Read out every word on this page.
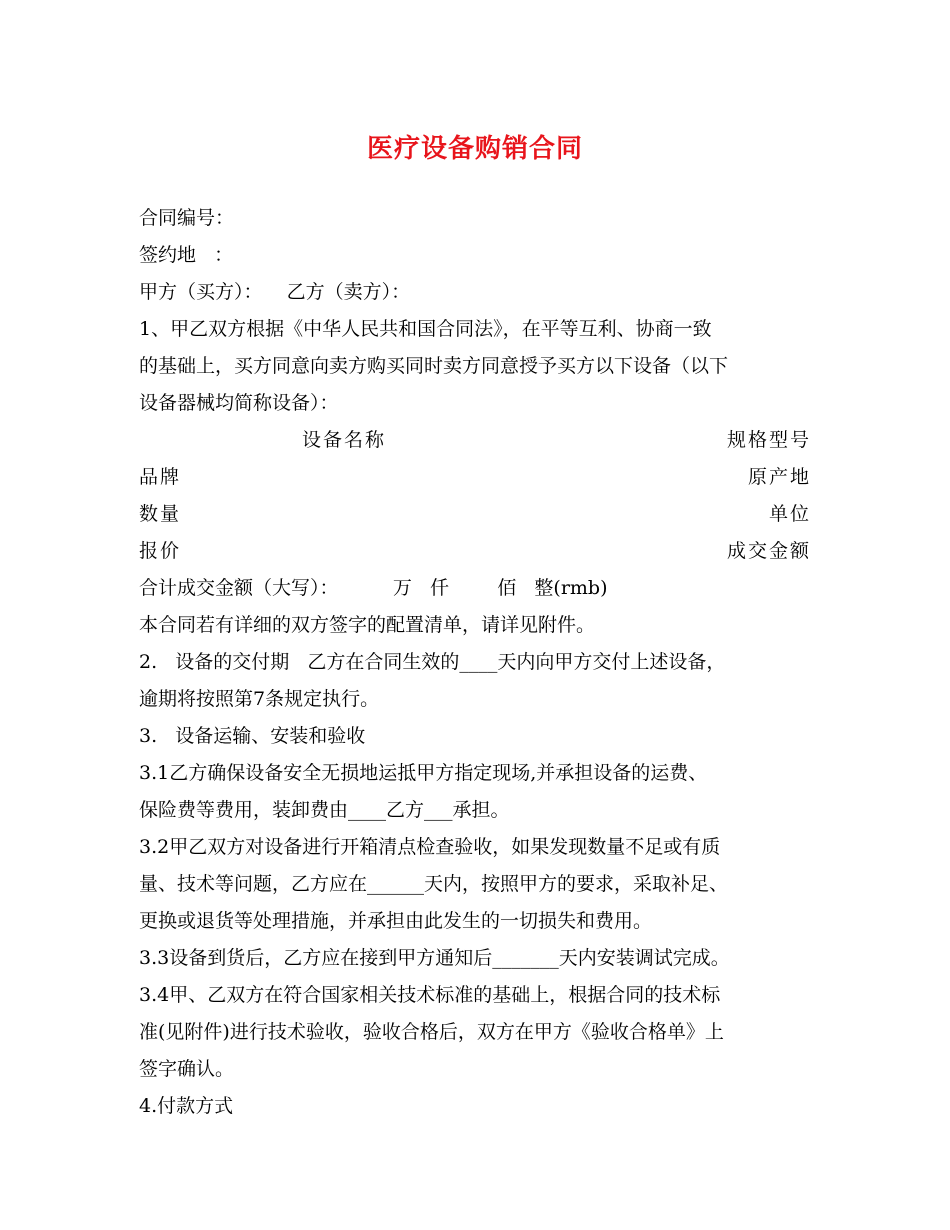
医疗设备购销合同
合同编号：
签约地   ：
甲方（买方）：    乙方（卖方）：
1、甲乙双方根据《中华人民共和国合同法》，在平等互利、协商一致
的基础上，买方同意向卖方购买同时卖方同意授予买方以下设备（以下
设备器械均简称设备）：
设备名称	规格型号
品牌	原产地
数量	单位
报价	成交金额
合计成交金额（大写）：         万   仟        佰   整(rmb)
本合同若有详细的双方签字的配置清单，请详见附件。
2.   设备的交付期   乙方在合同生效的____天内向甲方交付上述设备，
逾期将按照第7条规定执行。
3.   设备运输、安装和验收
3.1乙方确保设备安全无损地运抵甲方指定现场,并承担设备的运费、
保险费等费用，装卸费由____乙方___承担。
3.2甲乙双方对设备进行开箱清点检查验收，如果发现数量不足或有质
量、技术等问题，乙方应在______天内，按照甲方的要求，采取补足、
更换或退货等处理措施，并承担由此发生的一切损失和费用。
3.3设备到货后，乙方应在接到甲方通知后_______天内安装调试完成。
3.4甲、乙双方在符合国家相关技术标准的基础上，根据合同的技术标
准(见附件)进行技术验收，验收合格后，双方在甲方《验收合格单》上
签字确认。
4.付款方式
